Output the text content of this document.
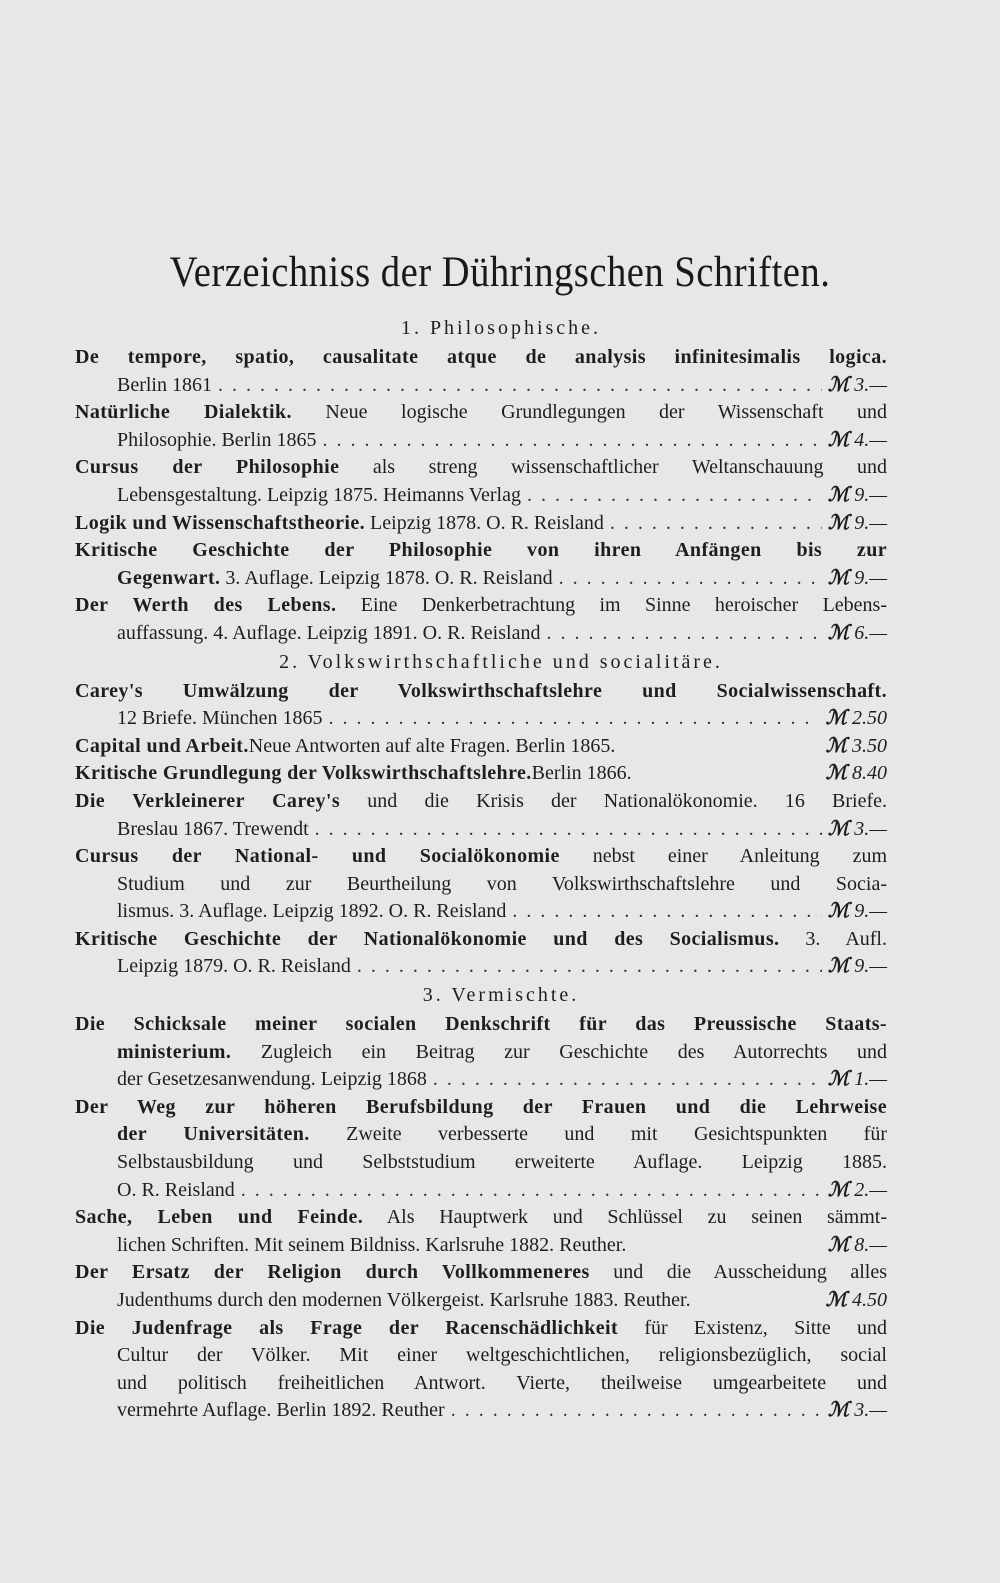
Verzeichniss der Dühringschen Schriften.
1. Philosophische.
De tempore, spatio, causalitate atque de analysis infinitesimalis logica.
Berlin 1861 . . .	ℳ 3.—
Natürliche Dialektik. Neue logische Grundlegungen der Wissenschaft und
Philosophie. Berlin 1865 . . .	ℳ 4.—
Cursus der Philosophie als streng wissenschaftlicher Weltanschauung und
Lebensgestaltung. Leipzig 1875. Heimanns Verlag . . .	ℳ 9.—
Logik und Wissenschaftstheorie.
Leipzig 1878. O. R. Reisland . . .	ℳ 9.—
Kritische Geschichte der Philosophie von ihren Anfängen bis zur
Gegenwart.
3. Auflage. Leipzig 1878. O. R. Reisland . . .	ℳ 9.—
Der Werth des Lebens. Eine Denkerbetrachtung im Sinne heroischer Lebens-
auffassung. 4. Auflage. Leipzig 1891. O. R. Reisland . . .	ℳ 6.—
2. Volkswirthschaftliche und socialitäre.
Carey's Umwälzung der Volkswirthschaftslehre und Socialwissenschaft.
12 Briefe. München 1865 . . .	ℳ 2.50
Capital und Arbeit. Neue Antworten auf alte Fragen. Berlin 1865.	ℳ 3.50
Kritische Grundlegung der Volkswirthschaftslehre. Berlin 1866.	ℳ 8.40
Die Verkleinerer Carey's und die Krisis der Nationalökonomie. 16 Briefe.
Breslau 1867. Trewendt . . .	ℳ 3.—
Cursus der National- und Socialökonomie nebst einer Anleitung zum
Studium und zur Beurtheilung von Volkswirthschaftslehre und Socia-
lismus. 3. Auflage. Leipzig 1892. O. R. Reisland . . .	ℳ 9.—
Kritische Geschichte der Nationalökonomie und des Socialismus. 3. Aufl.
Leipzig 1879. O. R. Reisland . . .	ℳ 9.—
3. Vermischte.
Die Schicksale meiner socialen Denkschrift für das Preussische Staats-
ministerium. Zugleich ein Beitrag zur Geschichte des Autorrechts und
der Gesetzesanwendung. Leipzig 1868 . . .	ℳ 1.—
Der Weg zur höheren Berufsbildung der Frauen und die Lehrweise
der Universitäten. Zweite verbesserte und mit Gesichtspunkten für
Selbstausbildung und Selbststudium erweiterte Auflage. Leipzig 1885.
O. R. Reisland . . .	ℳ 2.—
Sache, Leben und Feinde. Als Hauptwerk und Schlüssel zu seinen sämmt-
lichen Schriften. Mit seinem Bildniss. Karlsruhe 1882. Reuther.	ℳ 8.—
Der Ersatz der Religion durch Vollkommeneres und die Ausscheidung alles
Judenthums durch den modernen Völkergeist. Karlsruhe 1883. Reuther.	ℳ 4.50
Die Judenfrage als Frage der Racenschädlichkeit für Existenz, Sitte und
Cultur der Völker. Mit einer weltgeschichtlichen, religionsbezüglich, social
und politisch freiheitlichen Antwort. Vierte, theilweise umgearbeitete und
vermehrte Auflage. Berlin 1892. Reuther . . .	ℳ 3.—
